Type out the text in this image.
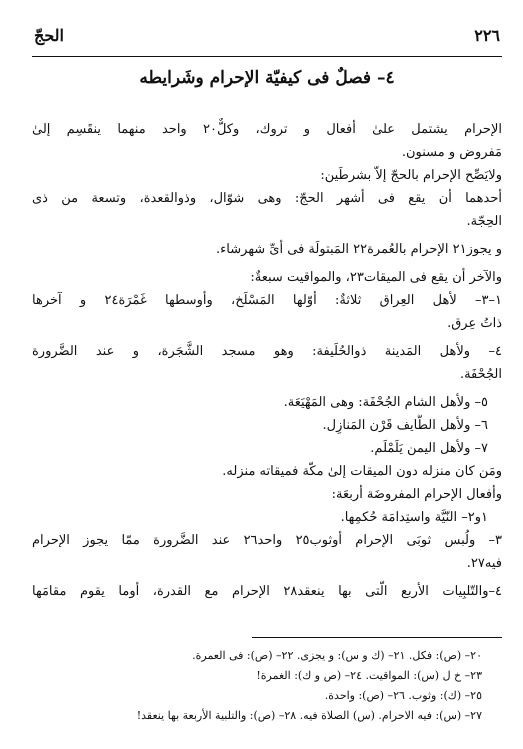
٢٢٦
الحجّ
٤– فصلٌ فى كيفيّة الإحرام وشَرايطه
الإحرام يشتمل علىٰ أفعال و تروك، وكلٌّ٢٠ واحد منهما ينقَسِم إلىٰ
مَفروض و مسنون.
ولايَصِّح الإحرام بالحجّ إلاّ بشرطَين:
أحدهما أن يقع فى أشهر الحجّ: وهى شوّال، وذوالقعدة، وتسعة من ذى
الحِجّة.
و يجوز٢١ الإحرام بالعُمرة٢٢ المَبتولَة فى أىِّ شهرشاء.
والآخر أن يقع فى الميقات٢٣، والمواقيت سبعةٌ:
١–٣– لأهل العِراق ثلاثةٌ: أوّلها المَسْلَخ، وأوسطها غَمْرَة٢٤ و آخرها
ذاتُ عِرق.
٤– ولأهل المَدينة ذوالحُلَيفة: وهو مسجد الشَّجَرة، و عند الضَّرورة
الجُحْفَة.
٥– ولأهل الشام الجُحْفَة: وهى المَهْيَعَة.
٦– ولأهل الطَّايف قَرْن المَنازِل.
٧– ولأهل اليمن يَلَمْلَم.
ومَن كان منزله دون الميقات إلىٰ مكّة فميقاته منزله.
وأفعال الإحرام المفروضَة أربعَة:
١و٢– النّيَّة واستِدامَة حُكمِها.
٣– ولُبس ثوبَى الإحرام أوثوب٢٥ واحد٢٦ عند الضَّرورة ممّا يجوز الإحرام
فيه٢٧.
٤–والتّلبِيات الأربع الّتى بها ينعقد٢٨ الإحرام مع القدرة، أوما يقوم مقامَها
٢٠– (ص): فكل. ٢١– (ك و س): و يجزى. ٢٢– (ص): فى العمرة.
٢٣– خ ل (س): المواقيت. ٢٤– (ص و ك): الغمرة!
٢٥– (ك): وثوب. ٢٦– (ص): واحدة.
٢٧– (س): فيه الاحرام. (س) الصلاة فيه. ٢٨– (ص): والتلبية الأربعة بها ينعقد!
